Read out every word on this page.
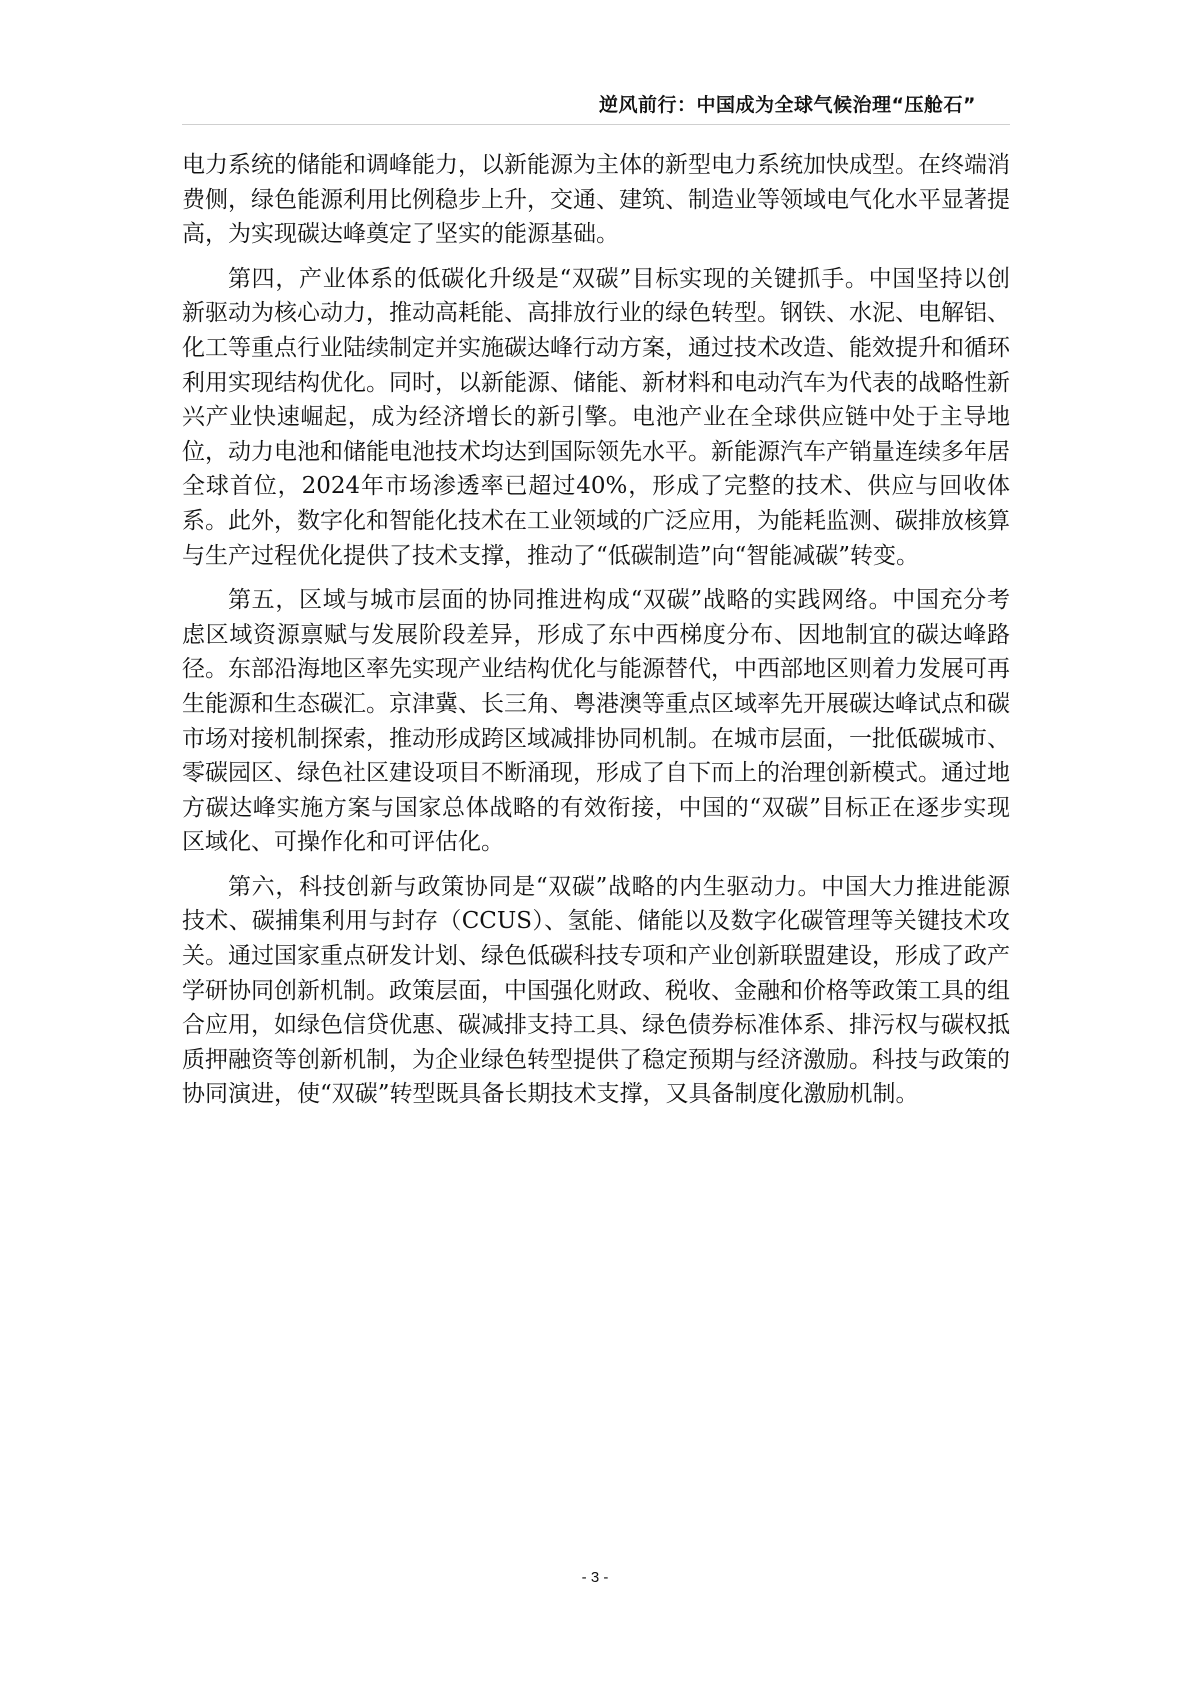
逆风前行：中国成为全球气候治理“压舱石”

电力系统的储能和调峰能力，以新能源为主体的新型电力系统加快成型。在终端消费侧，绿色能源利用比例稳步上升，交通、建筑、制造业等领域电气化水平显著提高，为实现碳达峰奠定了坚实的能源基础。

第四，产业体系的低碳化升级是“双碳”目标实现的关键抓手。中国坚持以创新驱动为核心动力，推动高耗能、高排放行业的绿色转型。钢铁、水泥、电解铝、化工等重点行业陆续制定并实施碳达峰行动方案，通过技术改造、能效提升和循环利用实现结构优化。同时，以新能源、储能、新材料和电动汽车为代表的战略性新兴产业快速崛起，成为经济增长的新引擎。电池产业在全球供应链中处于主导地位，动力电池和储能电池技术均达到国际领先水平。新能源汽车产销量连续多年居全球首位，2024年市场渗透率已超过40%，形成了完整的技术、供应与回收体系。此外，数字化和智能化技术在工业领域的广泛应用，为能耗监测、碳排放核算与生产过程优化提供了技术支撑，推动了“低碳制造”向“智能减碳”转变。

第五，区域与城市层面的协同推进构成“双碳”战略的实践网络。中国充分考虑区域资源禀赋与发展阶段差异，形成了东中西梯度分布、因地制宜的碳达峰路径。东部沿海地区率先实现产业结构优化与能源替代，中西部地区则着力发展可再生能源和生态碳汇。京津冀、长三角、粤港澳等重点区域率先开展碳达峰试点和碳市场对接机制探索，推动形成跨区域减排协同机制。在城市层面，一批低碳城市、零碳园区、绿色社区建设项目不断涌现，形成了自下而上的治理创新模式。通过地方碳达峰实施方案与国家总体战略的有效衔接，中国的“双碳”目标正在逐步实现区域化、可操作化和可评估化。

第六，科技创新与政策协同是“双碳”战略的内生驱动力。中国大力推进能源技术、碳捕集利用与封存（CCUS）、氢能、储能以及数字化碳管理等关键技术攻关。通过国家重点研发计划、绿色低碳科技专项和产业创新联盟建设，形成了政产学研协同创新机制。政策层面，中国强化财政、税收、金融和价格等政策工具的组合应用，如绿色信贷优惠、碳减排支持工具、绿色债券标准体系、排污权与碳权抵质押融资等创新机制，为企业绿色转型提供了稳定预期与经济激励。科技与政策的协同演进，使“双碳”转型既具备长期技术支撑，又具备制度化激励机制。

- 3 -
